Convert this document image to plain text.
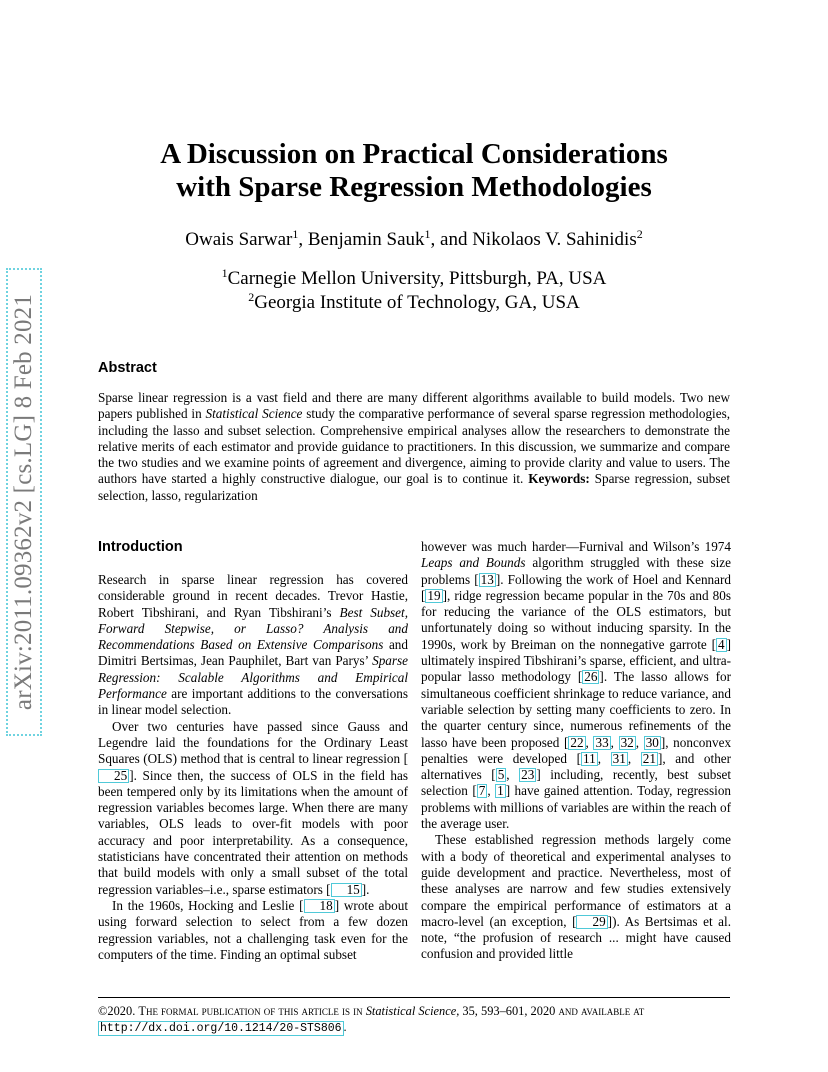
arXiv:2011.09362v2 [cs.LG] 8 Feb 2021
A Discussion on Practical Considerations
with Sparse Regression Methodologies
Owais Sarwar$^1$, Benjamin Sauk$^1$, and Nikolaos V. Sahinidis$^2$
$^1$Carnegie Mellon University, Pittsburgh, PA, USA
$^2$Georgia Institute of Technology, GA, USA
Abstract
Sparse linear regression is a vast field and there are many different algorithms available to build models. Two new papers published in Statistical Science study the comparative performance of several sparse regression methodologies, including the lasso and subset selection. Comprehensive empirical analyses allow the researchers to demonstrate the relative merits of each estimator and provide guidance to practitioners. In this discussion, we summarize and compare the two studies and we examine points of agreement and divergence, aiming to provide clarity and value to users. The authors have started a highly constructive dialogue, our goal is to continue it. Keywords: Sparse regression, subset selection, lasso, regularization
Introduction

Research in sparse linear regression has covered considerable ground in recent decades. Trevor Hastie, Robert Tibshirani, and Ryan Tibshirani’s Best Subset, Forward Stepwise, or Lasso? Analysis and Recommendations Based on Extensive Comparisons and Dimitri Bertsimas, Jean Pauphilet, Bart van Parys’ Sparse Regression: Scalable Algorithms and Empirical Performance are important additions to the conversations in linear model selection.

Over two centuries have passed since Gauss and Legendre laid the foundations for the Ordinary Least Squares (OLS) method that is central to linear regression [25 ]. Since then, the success of OLS in the field has been tempered only by its limitations when the amount of regression variables becomes large. When there are many variables, OLS leads to over-fit models with poor accuracy and poor interpretability. As a consequence, statisticians have concentrated their attention on methods that build models with only a small subset of the total regression variables–i.e., sparse estimators [ 15 ].

In the 1960s, Hocking and Leslie [ 18 ] wrote about using forward selection to select from a few dozen regression variables, not a challenging task even for the computers of the time. Finding an optimal subset

however was much harder—Furnival and Wilson’s 1974 Leaps and Bounds algorithm struggled with these size problems [ 13 ]. Following the work of Hoel and Kennard [ 19 ], ridge regression became popular in the 70s and 80s for reducing the variance of the OLS estimators, but unfortunately doing so without inducing sparsity. In the 1990s, work by Breiman on the nonnegative garrote [ 4 ] ultimately inspired Tibshirani’s sparse, efficient, and ultra-popular lasso methodology [ 26 ]. The lasso allows for simultaneous coefficient shrinkage to reduce variance, and variable selection by setting many coefficients to zero. In the quarter century since, numerous refinements of the lasso have been proposed [ 22 , 33 , 32 , 30 ], nonconvex penalties were developed [ 11 , 31 , 21 ], and other alternatives [ 5 , 23 ] including, recently, best subset selection [ 7 , 1 ] have gained attention. Today, regression problems with millions of variables are within the reach of the average user.

These established regression methods largely come with a body of theoretical and experimental analyses to guide development and practice. Nevertheless, most of these analyses are narrow and few studies extensively compare the empirical performance of estimators at a macro-level (an exception, [ 29 ]). As Bertsimas et al. note, “the profusion of research ... might have caused confusion and provided little

©2020. The formal publication of this article is in Statistical Science, 35, 593–601, 2020 and available at http://dx.doi.org/10.1214/20-STS806 .
